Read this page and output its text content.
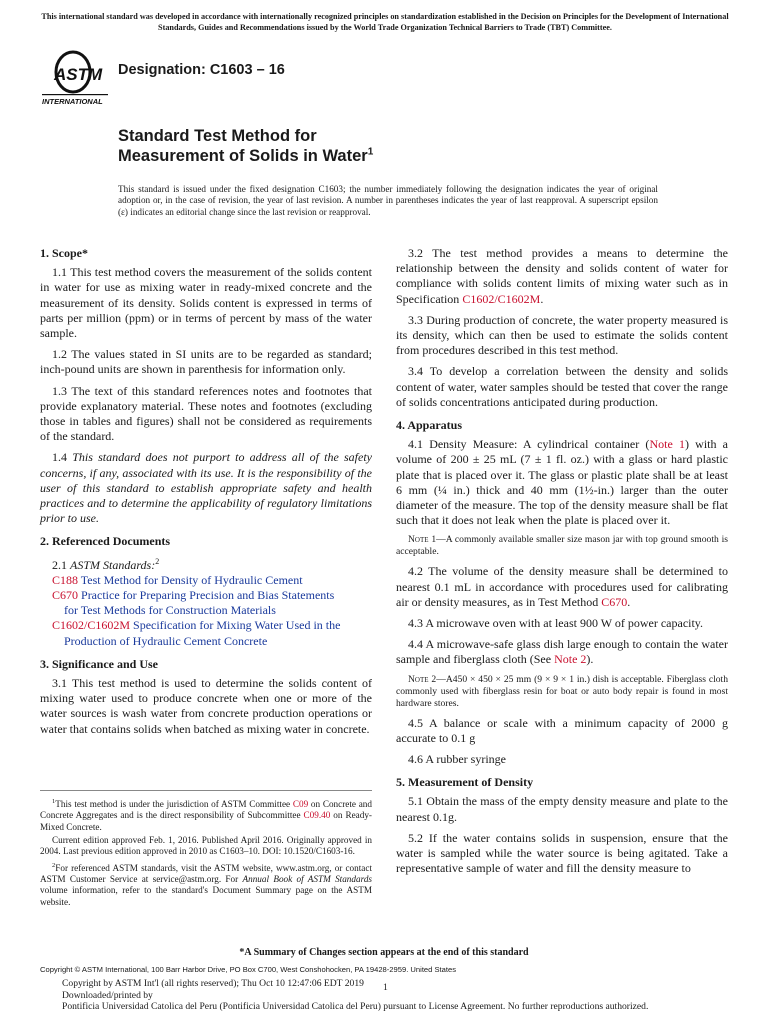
This international standard was developed in accordance with internationally recognized principles on standardization established in the Decision on Principles for the Development of International Standards, Guides and Recommendations issued by the World Trade Organization Technical Barriers to Trade (TBT) Committee.
ASTM
INTERNATIONAL
Designation: C1603 – 16
Standard Test Method for
Measurement of Solids in Water$^1$
This standard is issued under the fixed designation C1603; the number immediately following the designation indicates the year of original adoption or, in the case of revision, the year of last revision. A number in parentheses indicates the year of last reapproval. A superscript epsilon (ε) indicates an editorial change since the last revision or reapproval.
1. Scope*
1.1 This test method covers the measurement of the solids content in water for use as mixing water in ready-mixed concrete and the measurement of its density. Solids content is expressed in terms of parts per million (ppm) or in terms of percent by mass of the water sample.
1.2 The values stated in SI units are to be regarded as standard; inch-pound units are shown in parenthesis for information only.
1.3 The text of this standard references notes and footnotes that provide explanatory material. These notes and footnotes (excluding those in tables and figures) shall not be considered as requirements of the standard.
1.4 This standard does not purport to address all of the safety concerns, if any, associated with its use. It is the responsibility of the user of this standard to establish appropriate safety and health practices and to determine the applicability of regulatory limitations prior to use.
2. Referenced Documents
2.1 ASTM Standards:$^2$
C188 Test Method for Density of Hydraulic Cement
C670 Practice for Preparing Precision and Bias Statements
for Test Methods for Construction Materials
C1602/C1602M Specification for Mixing Water Used in the
Production of Hydraulic Cement Concrete
3. Significance and Use
3.1 This test method is used to determine the solids content of mixing water used to produce concrete when one or more of the water sources is wash water from concrete production operations or water that contains solids when batched as mixing water in concrete.
$^1$This test method is under the jurisdiction of ASTM Committee C09 on Concrete and Concrete Aggregates and is the direct responsibility of Subcommittee C09.40 on Ready-Mixed Concrete.
Current edition approved Feb. 1, 2016. Published April 2016. Originally approved in 2004. Last previous edition approved in 2010 as C1603–10. DOI: 10.1520/C1603-16.
$^2$For referenced ASTM standards, visit the ASTM website, www.astm.org, or contact ASTM Customer Service at service@astm.org. For Annual Book of ASTM Standards volume information, refer to the standard's Document Summary page on the ASTM website.
3.2 The test method provides a means to determine the relationship between the density and solids content of water for compliance with solids content limits of mixing water such as in Specification C1602/C1602M.
3.3 During production of concrete, the water property measured is its density, which can then be used to estimate the solids content from procedures described in this test method.
3.4 To develop a correlation between the density and solids content of water, water samples should be tested that cover the range of solids concentrations anticipated during production.
4. Apparatus
4.1 Density Measure: A cylindrical container (Note 1) with a volume of 200 ± 25 mL (7 ± 1 fl. oz.) with a glass or hard plastic plate that is placed over it. The glass or plastic plate shall be at least 6 mm (¼ in.) thick and 40 mm (1½-in.) larger than the outer diameter of the measure. The top of the density measure shall be flat such that it does not leak when the plate is placed over it.
Note 1—A commonly available smaller size mason jar with top ground smooth is acceptable.
4.2 The volume of the density measure shall be determined to nearest 0.1 mL in accordance with procedures used for calibrating air or density measures, as in Test Method C670.
4.3 A microwave oven with at least 900 W of power capacity.
4.4 A microwave-safe glass dish large enough to contain the water sample and fiberglass cloth (See Note 2).
Note 2—A450 × 450 × 25 mm (9 × 9 × 1 in.) dish is acceptable. Fiberglass cloth commonly used with fiberglass resin for boat or auto body repair is found in most hardware stores.
4.5 A balance or scale with a minimum capacity of 2000 g accurate to 0.1 g
4.6 A rubber syringe
5. Measurement of Density
5.1 Obtain the mass of the empty density measure and plate to the nearest 0.1g.
5.2 If the water contains solids in suspension, ensure that the water is sampled while the water source is being agitated. Take a representative sample of water and fill the density measure to
*A Summary of Changes section appears at the end of this standard
Copyright © ASTM International, 100 Barr Harbor Drive, PO Box C700, West Conshohocken, PA 19428-2959. United States
Copyright by ASTM Int'l (all rights reserved); Thu Oct 10 12:47:06 EDT 2019
Downloaded/printed by
Pontificia Universidad Catolica del Peru (Pontificia Universidad Catolica del Peru) pursuant to License Agreement. No further reproductions authorized.
1
